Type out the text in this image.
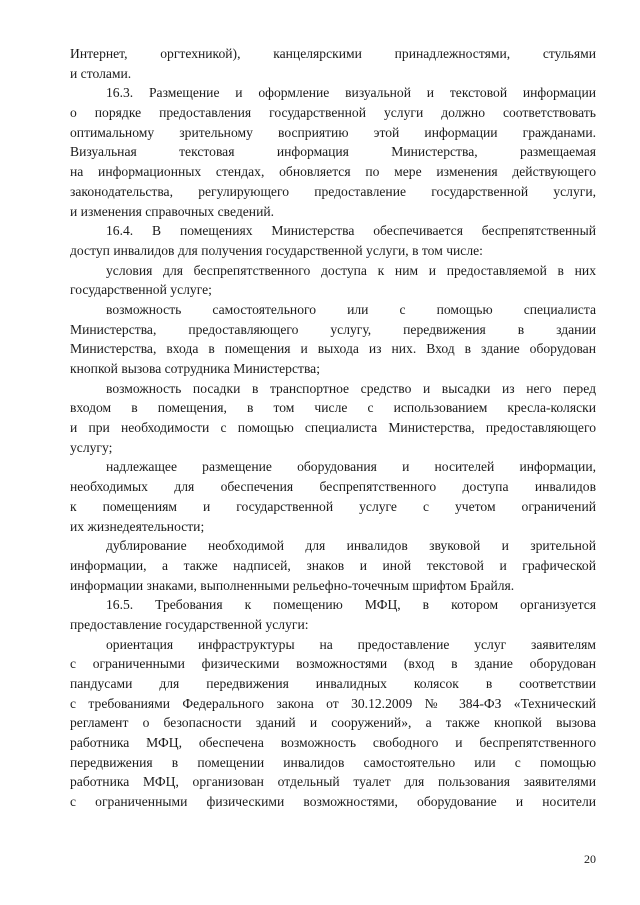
Интернет, оргтехникой), канцелярскими принадлежностями, стульями
и столами.
16.3. Размещение и оформление визуальной и текстовой информации
о порядке предоставления государственной услуги должно соответствовать
оптимальному зрительному восприятию этой информации гражданами.
Визуальная текстовая информация Министерства, размещаемая
на информационных стендах, обновляется по мере изменения действующего
законодательства, регулирующего предоставление государственной услуги,
и изменения справочных сведений.
16.4. В помещениях Министерства обеспечивается беспрепятственный
доступ инвалидов для получения государственной услуги, в том числе:
условия для беспрепятственного доступа к ним и предоставляемой в них
государственной услуге;
возможность самостоятельного или с помощью специалиста
Министерства, предоставляющего услугу, передвижения в здании
Министерства, входа в помещения и выхода из них. Вход в здание оборудован
кнопкой вызова сотрудника Министерства;
возможность посадки в транспортное средство и высадки из него перед
входом в помещения, в том числе с использованием кресла-коляски
и при необходимости с помощью специалиста Министерства, предоставляющего
услугу;
надлежащее размещение оборудования и носителей информации,
необходимых для обеспечения беспрепятственного доступа инвалидов
к помещениям и государственной услуге с учетом ограничений
их жизнедеятельности;
дублирование необходимой для инвалидов звуковой и зрительной
информации, а также надписей, знаков и иной текстовой и графической
информации знаками, выполненными рельефно-точечным шрифтом Брайля.
16.5. Требования к помещению МФЦ, в котором организуется
предоставление государственной услуги:
ориентация инфраструктуры на предоставление услуг заявителям
с ограниченными физическими возможностями (вход в здание оборудован
пандусами для передвижения инвалидных колясок в соответствии
с требованиями Федерального закона от 30.12.2009 № 384-ФЗ «Технический
регламент о безопасности зданий и сооружений», а также кнопкой вызова
работника МФЦ, обеспечена возможность свободного и беспрепятственного
передвижения в помещении инвалидов самостоятельно или с помощью
работника МФЦ, организован отдельный туалет для пользования заявителями
с ограниченными физическими возможностями, оборудование и носители
20
